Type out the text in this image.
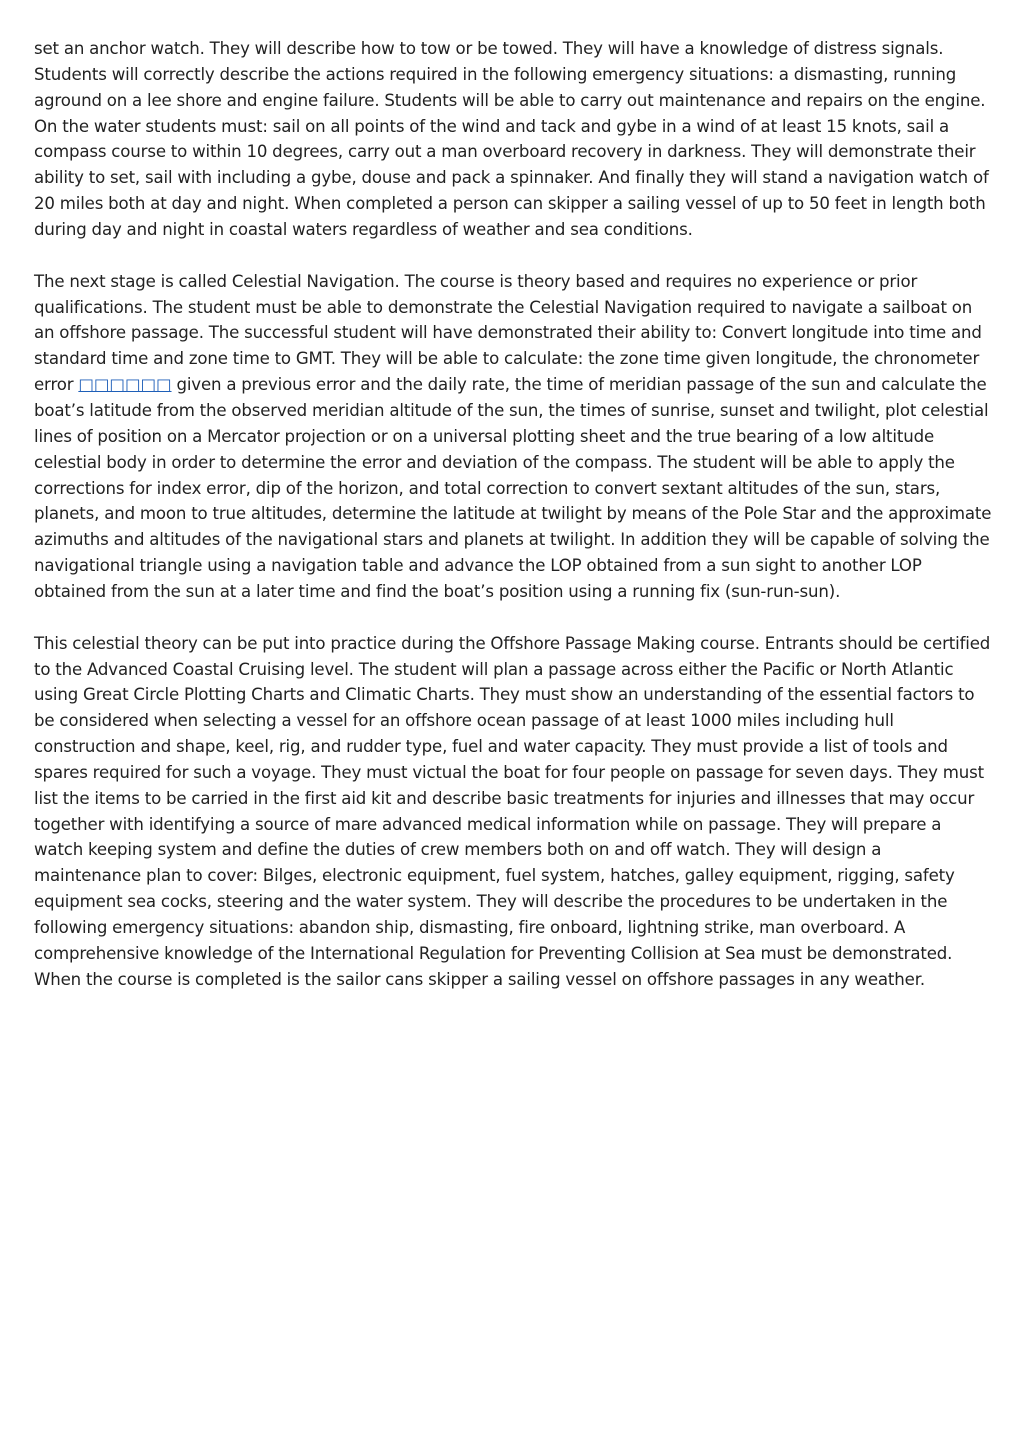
set an anchor watch. They will describe how to tow or be towed. They will have a knowledge of distress signals. Students will correctly describe the actions required in the following emergency situations: a dismasting, running aground on a lee shore and engine failure. Students will be able to carry out maintenance and repairs on the engine. On the water students must: sail on all points of the wind and tack and gybe in a wind of at least 15 knots, sail a compass course to within 10 degrees, carry out a man overboard recovery in darkness. They will demonstrate their ability to set, sail with including a gybe, douse and pack a spinnaker. And finally they will stand a navigation watch of 20 miles both at day and night. When completed a person can skipper a sailing vessel of up to 50 feet in length both during day and night in coastal waters regardless of weather and sea conditions.

The next stage is called Celestial Navigation. The course is theory based and requires no experience or prior qualifications. The student must be able to demonstrate the Celestial Navigation required to navigate a sailboat on an offshore passage. The successful student will have demonstrated their ability to: Convert longitude into time and standard time and zone time to GMT. They will be able to calculate: the zone time given longitude, the chronometer error □□□□□□ given a previous error and the daily rate, the time of meridian passage of the sun and calculate the boat’s latitude from the observed meridian altitude of the sun, the times of sunrise, sunset and twilight, plot celestial lines of position on a Mercator projection or on a universal plotting sheet and the true bearing of a low altitude celestial body in order to determine the error and deviation of the compass. The student will be able to apply the corrections for index error, dip of the horizon, and total correction to convert sextant altitudes of the sun, stars, planets, and moon to true altitudes, determine the latitude at twilight by means of the Pole Star and the approximate azimuths and altitudes of the navigational stars and planets at twilight. In addition they will be capable of solving the navigational triangle using a navigation table and advance the LOP obtained from a sun sight to another LOP obtained from the sun at a later time and find the boat’s position using a running fix (sun-run-sun).

This celestial theory can be put into practice during the Offshore Passage Making course. Entrants should be certified to the Advanced Coastal Cruising level. The student will plan a passage across either the Pacific or North Atlantic using Great Circle Plotting Charts and Climatic Charts. They must show an understanding of the essential factors to be considered when selecting a vessel for an offshore ocean passage of at least 1000 miles including hull construction and shape, keel, rig, and rudder type, fuel and water capacity. They must provide a list of tools and spares required for such a voyage. They must victual the boat for four people on passage for seven days. They must list the items to be carried in the first aid kit and describe basic treatments for injuries and illnesses that may occur together with identifying a source of mare advanced medical information while on passage. They will prepare a watch keeping system and define the duties of crew members both on and off watch. They will design a maintenance plan to cover: Bilges, electronic equipment, fuel system, hatches, galley equipment, rigging, safety equipment sea cocks, steering and the water system. They will describe the procedures to be undertaken in the following emergency situations: abandon ship, dismasting, fire onboard, lightning strike, man overboard. A comprehensive knowledge of the International Regulation for Preventing Collision at Sea must be demonstrated. When the course is completed is the sailor cans skipper a sailing vessel on offshore passages in any weather.
